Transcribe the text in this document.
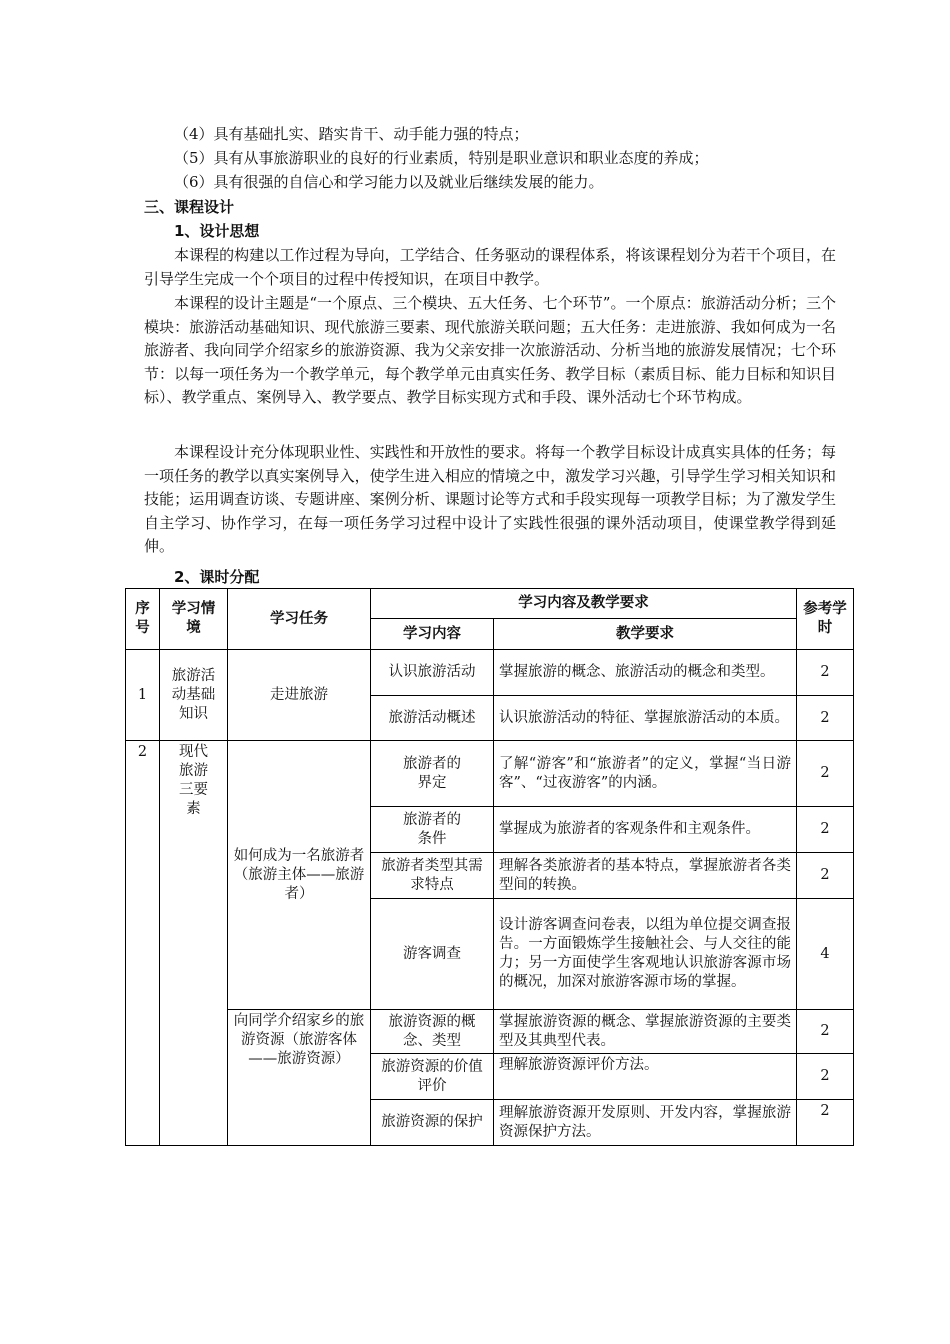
（4）具有基础扎实、踏实肯干、动手能力强的特点；
（5）具有从事旅游职业的良好的行业素质，特别是职业意识和职业态度的养成；
（6）具有很强的自信心和学习能力以及就业后继续发展的能力。
三、课程设计
1、设计思想
本课程的构建以工作过程为导向，工学结合、任务驱动的课程体系，将该课程划分为若干个项目，在引导学生完成一个个项目的过程中传授知识，在项目中教学。
本课程的设计主题是“一个原点、三个模块、五大任务、七个环节”。一个原点：旅游活动分析；三个模块：旅游活动基础知识、现代旅游三要素、现代旅游关联问题；五大任务：走进旅游、我如何成为一名旅游者、我向同学介绍家乡的旅游资源、我为父亲安排一次旅游活动、分析当地的旅游发展情况；七个环节：以每一项任务为一个教学单元，每个教学单元由真实任务、教学目标（素质目标、能力目标和知识目标）、教学重点、案例导入、教学要点、教学目标实现方式和手段、课外活动七个环节构成。
本课程设计充分体现职业性、实践性和开放性的要求。将每一个教学目标设计成真实具体的任务；每一项任务的教学以真实案例导入，使学生进入相应的情境之中，激发学习兴趣，引导学生学习相关知识和技能；运用调查访谈、专题讲座、案例分析、课题讨论等方式和手段实现每一项教学目标；为了激发学生自主学习、协作学习，在每一项任务学习过程中设计了实践性很强的课外活动项目，使课堂教学得到延伸。
2、课时分配
序号	学习情境	学习任务	学习内容及教学要求		参考学时
			学习内容	教学要求	
1	旅游活动基础知识	走进旅游	认识旅游活动	掌握旅游的概念、旅游活动的概念和类型。	2
			旅游活动概述	认识旅游活动的特征、掌握旅游活动的本质。	2
2	现代旅游三要素	如何成为一名旅游者（旅游主体——旅游者）	旅游者的界定	了解“游客”和“旅游者”的定义，掌握“当日游客”、“过夜游客”的内涵。	2
			旅游者的条件	掌握成为旅游者的客观条件和主观条件。	2
			旅游者类型其需求特点	理解各类旅游者的基本特点，掌握旅游者各类型间的转换。	2
			游客调查	设计游客调查问卷表，以组为单位提交调查报告。一方面锻炼学生接触社会、与人交往的能力；另一方面使学生客观地认识旅游客源市场的概况，加深对旅游客源市场的掌握。	4
		向同学介绍家乡的旅游资源（旅游客体——旅游资源）	旅游资源的概念、类型	掌握旅游资源的概念、掌握旅游资源的主要类型及其典型代表。	2
			旅游资源的价值评价	理解旅游资源评价方法。	2
			旅游资源的保护	理解旅游资源开发原则、开发内容，掌握旅游资源保护方法。	2
